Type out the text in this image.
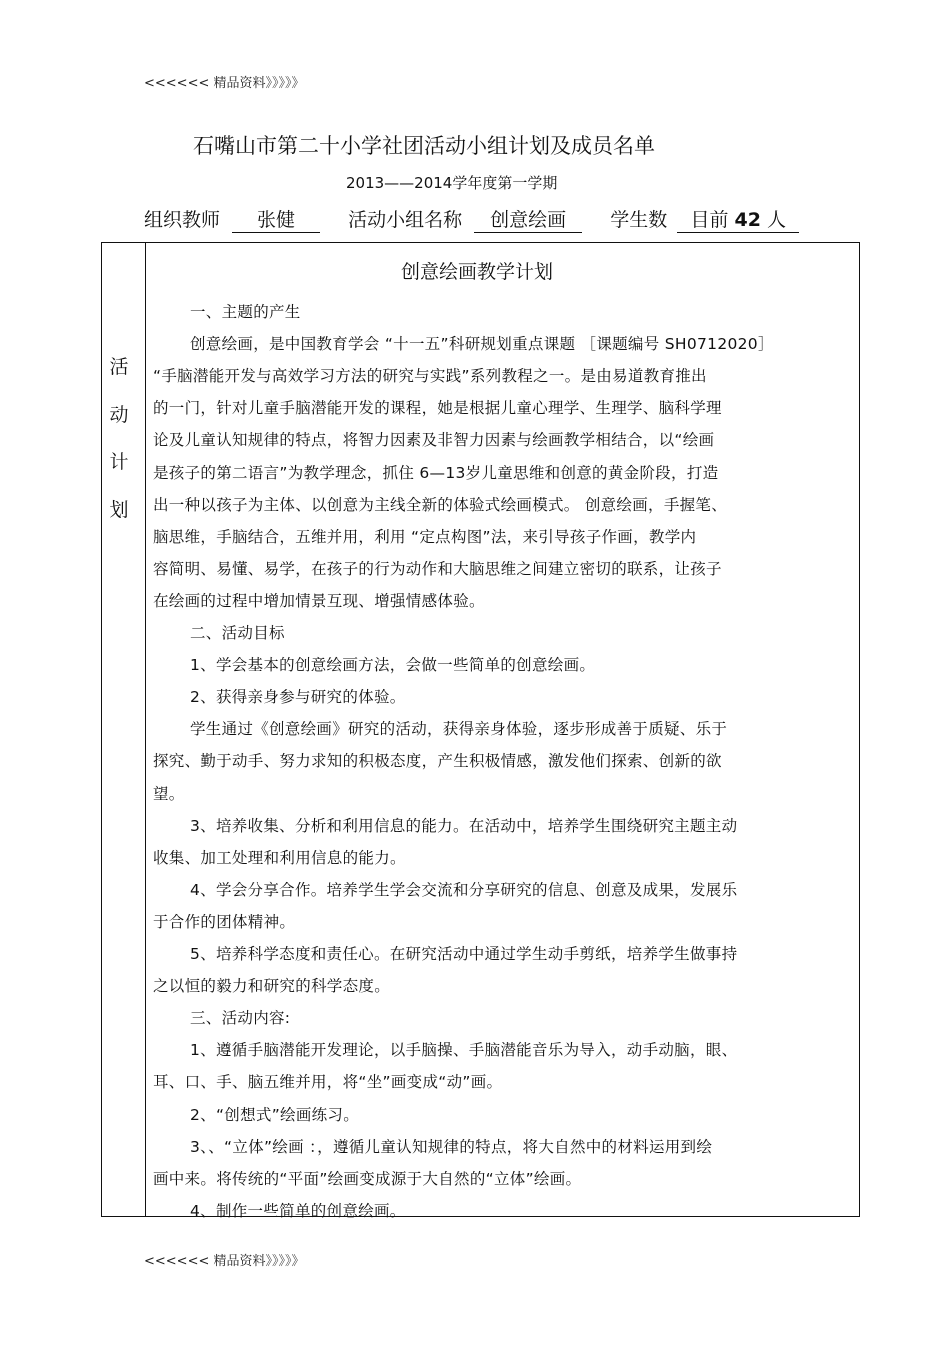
<<<<<< 精品资料》》》》》
石嘴山市第二十小学社团活动小组计划及成员名单
2013——2014学年度第一学期
组织教师 张健	活动小组名称 创意绘画 学生数 目前 42 人
活
动
计
划
创意绘画教学计划
一、主题的产生
创意绘画，是中国教育学会 “十一五”科研规划重点课题 ［课题编号 SH0712020］
“手脑潜能开发与高效学习方法的研究与实践”系列教程之一。是由易道教育推出
的一门，针对儿童手脑潜能开发的课程，她是根据儿童心理学、生理学、脑科学理
论及儿童认知规律的特点，将智力因素及非智力因素与绘画教学相结合，以“绘画
是孩子的第二语言”为教学理念，抓住 6—13岁儿童思维和创意的黄金阶段，打造
出一种以孩子为主体、以创意为主线全新的体验式绘画模式。 创意绘画，手握笔、
脑思维，手脑结合，五维并用，利用 “定点构图”法，来引导孩子作画，教学内
容简明、易懂、易学，在孩子的行为动作和大脑思维之间建立密切的联系，让孩子
在绘画的过程中增加情景互现、增强情感体验。
二、活动目标
1、学会基本的创意绘画方法，会做一些简单的创意绘画。
2、获得亲身参与研究的体验。
学生通过《创意绘画》研究的活动，获得亲身体验，逐步形成善于质疑、乐于
探究、勤于动手、努力求知的积极态度，产生积极情感，激发他们探索、创新的欲
望。
3、培养收集、分析和利用信息的能力。在活动中，培养学生围绕研究主题主动
收集、加工处理和利用信息的能力。
4、学会分享合作。培养学生学会交流和分享研究的信息、创意及成果，发展乐
于合作的团体精神。
5、培养科学态度和责任心。在研究活动中通过学生动手剪纸，培养学生做事持
之以恒的毅力和研究的科学态度。
三、活动内容:
1、遵循手脑潜能开发理论，以手脑操、手脑潜能音乐为导入，动手动脑，眼、
耳、口、手、脑五维并用，将“坐”画变成“动”画。
2、“创想式”绘画练习。
3、、“立体”绘画 ：，遵循儿童认知规律的特点，将大自然中的材料运用到绘
画中来。将传统的“平面”绘画变成源于大自然的“立体”绘画。
4、制作一些简单的创意绘画。
<<<<<< 精品资料》》》》》
